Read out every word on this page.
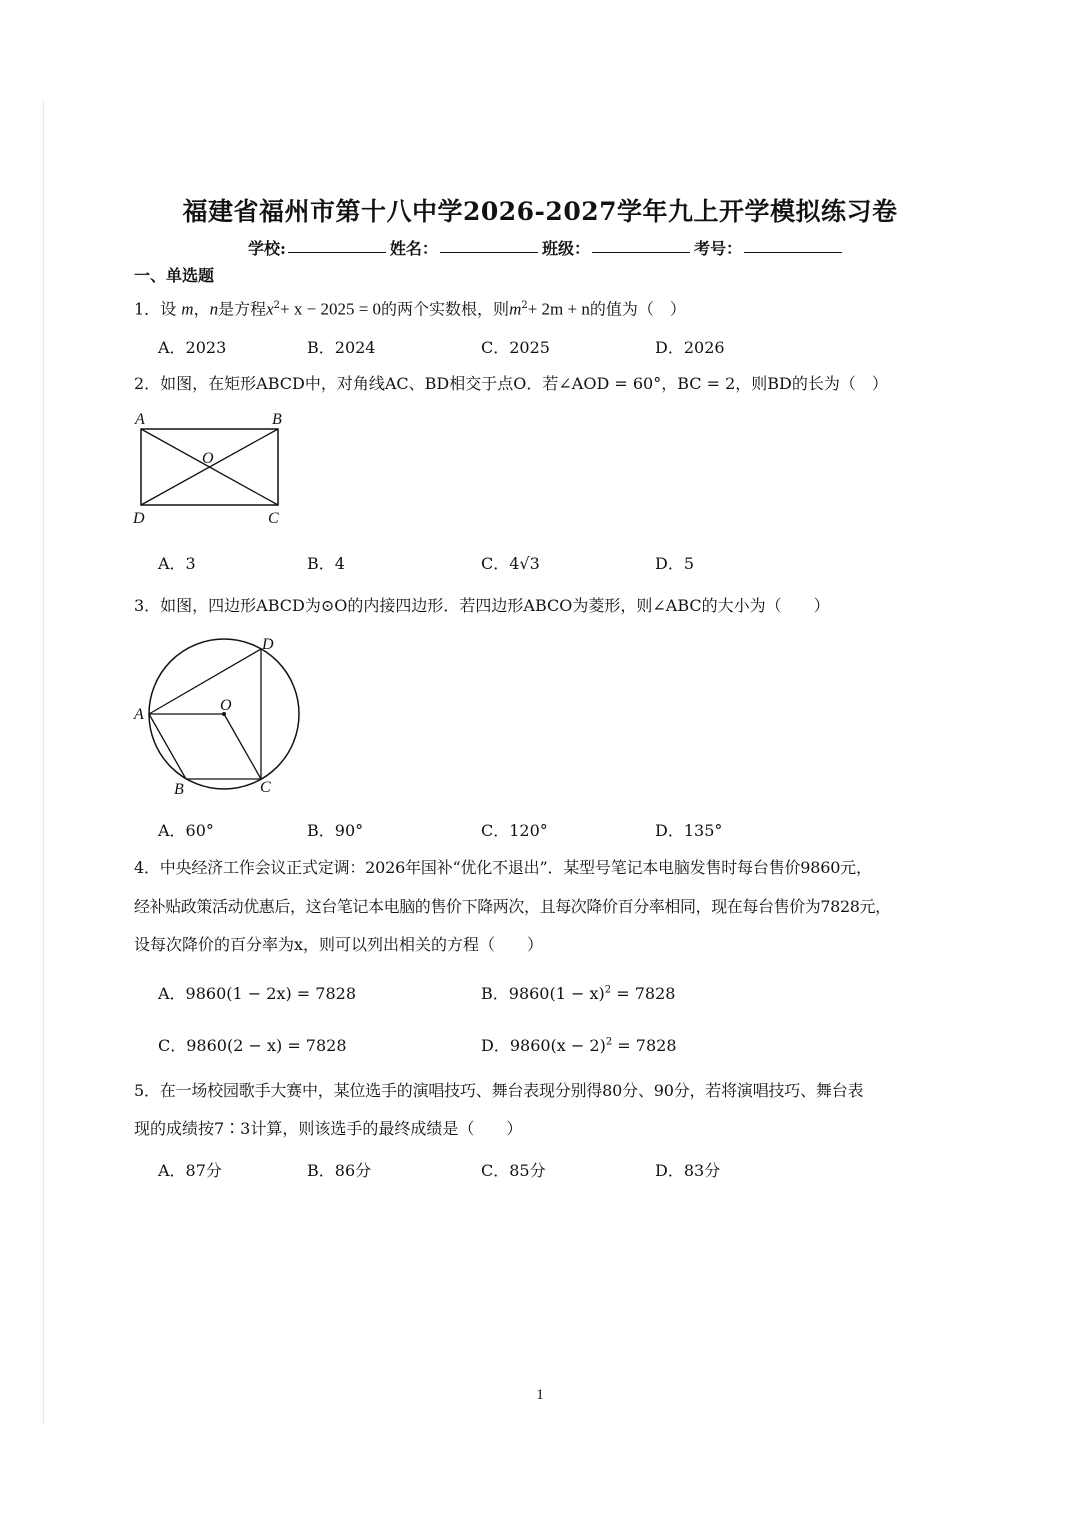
福建省福州市第十八中学2026-2027学年九上开学模拟练习卷
学校:	姓名：	班级：	考号：
一、单选题
1．设 m，n是方程$x^2+ x - 2025 = 0$的两个实数根，则$m^2+ 2m + n$的值为（　）
A．2023	B．2024	C．2025	D．2026
2．如图，在矩形ABCD中，对角线AC、BD相交于点O．若∠AOD = 60°，BC = 2，则BD的长为（　）
A	B
C
D
O
A．3	B．4	C．4√3	D．5
3．如图，四边形ABCD为⊙O的内接四边形．若四边形ABCO为菱形，则∠ABC的大小为（　　）
A
B	C
D
O
A．60°	B．90°	C．120°	D．135°
4．中央经济工作会议正式定调：2026年国补“优化不退出”．某型号笔记本电脑发售时每台售价9860元，
经补贴政策活动优惠后，这台笔记本电脑的售价下降两次，且每次降价百分率相同，现在每台售价为7828元，
设每次降价的百分率为x，则可以列出相关的方程（　　）
A．9860(1 − 2x) = 7828	B．$9860(1 - x)^2 = 7828$
C．9860(2 − x) = 7828	D．$9860(x - 2)^2 = 7828$
5．在一场校园歌手大赛中，某位选手的演唱技巧、舞台表现分别得80分、90分，若将演唱技巧、舞台表
现的成绩按7∶3计算，则该选手的最终成绩是（　　）
A．87分	B．86分	C．85分	D．83分
1
